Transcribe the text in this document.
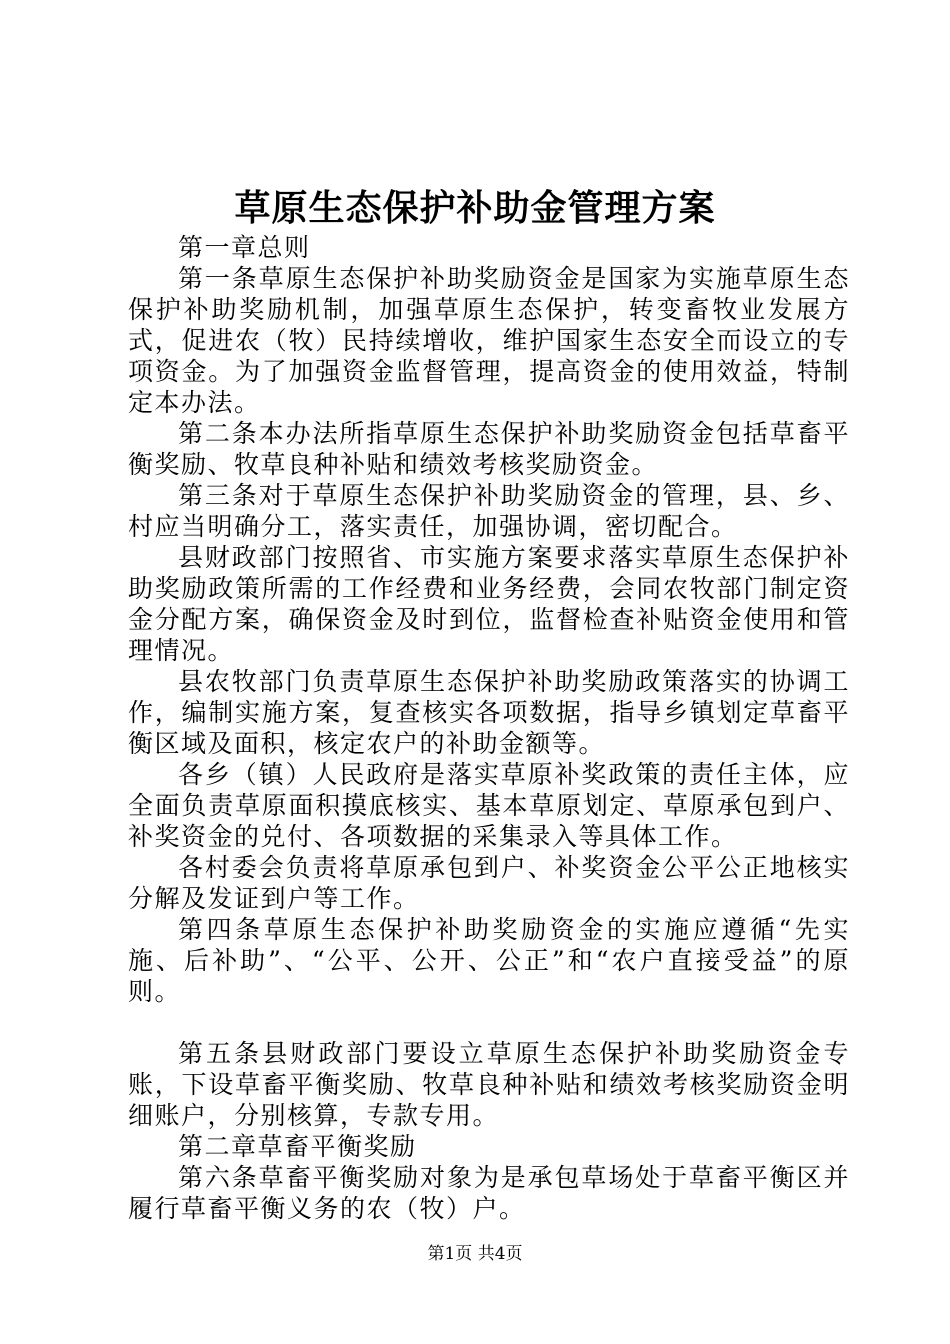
草原生态保护补助金管理方案

第一章总则

第一条草原生态保护补助奖励资金是国家为实施草原生态保护补助奖励机制，加强草原生态保护，转变畜牧业发展方式，促进农（牧）民持续增收，维护国家生态安全而设立的专项资金。为了加强资金监督管理，提高资金的使用效益，特制定本办法。

第二条本办法所指草原生态保护补助奖励资金包括草畜平衡奖励、牧草良种补贴和绩效考核奖励资金。

第三条对于草原生态保护补助奖励资金的管理，县、乡、村应当明确分工，落实责任，加强协调，密切配合。

县财政部门按照省、市实施方案要求落实草原生态保护补助奖励政策所需的工作经费和业务经费，会同农牧部门制定资金分配方案，确保资金及时到位，监督检查补贴资金使用和管理情况。

县农牧部门负责草原生态保护补助奖励政策落实的协调工作，编制实施方案，复查核实各项数据，指导乡镇划定草畜平衡区域及面积，核定农户的补助金额等。

各乡（镇）人民政府是落实草原补奖政策的责任主体，应全面负责草原面积摸底核实、基本草原划定、草原承包到户、补奖资金的兑付、各项数据的采集录入等具体工作。

各村委会负责将草原承包到户、补奖资金公平公正地核实分解及发证到户等工作。

第四条草原生态保护补助奖励资金的实施应遵循“先实施、后补助”、“公平、公开、公正”和“农户直接受益”的原则。

第五条县财政部门要设立草原生态保护补助奖励资金专账，下设草畜平衡奖励、牧草良种补贴和绩效考核奖励资金明细账户，分别核算，专款专用。

第二章草畜平衡奖励

第六条草畜平衡奖励对象为是承包草场处于草畜平衡区并履行草畜平衡义务的农（牧）户。

第1页 共4页
